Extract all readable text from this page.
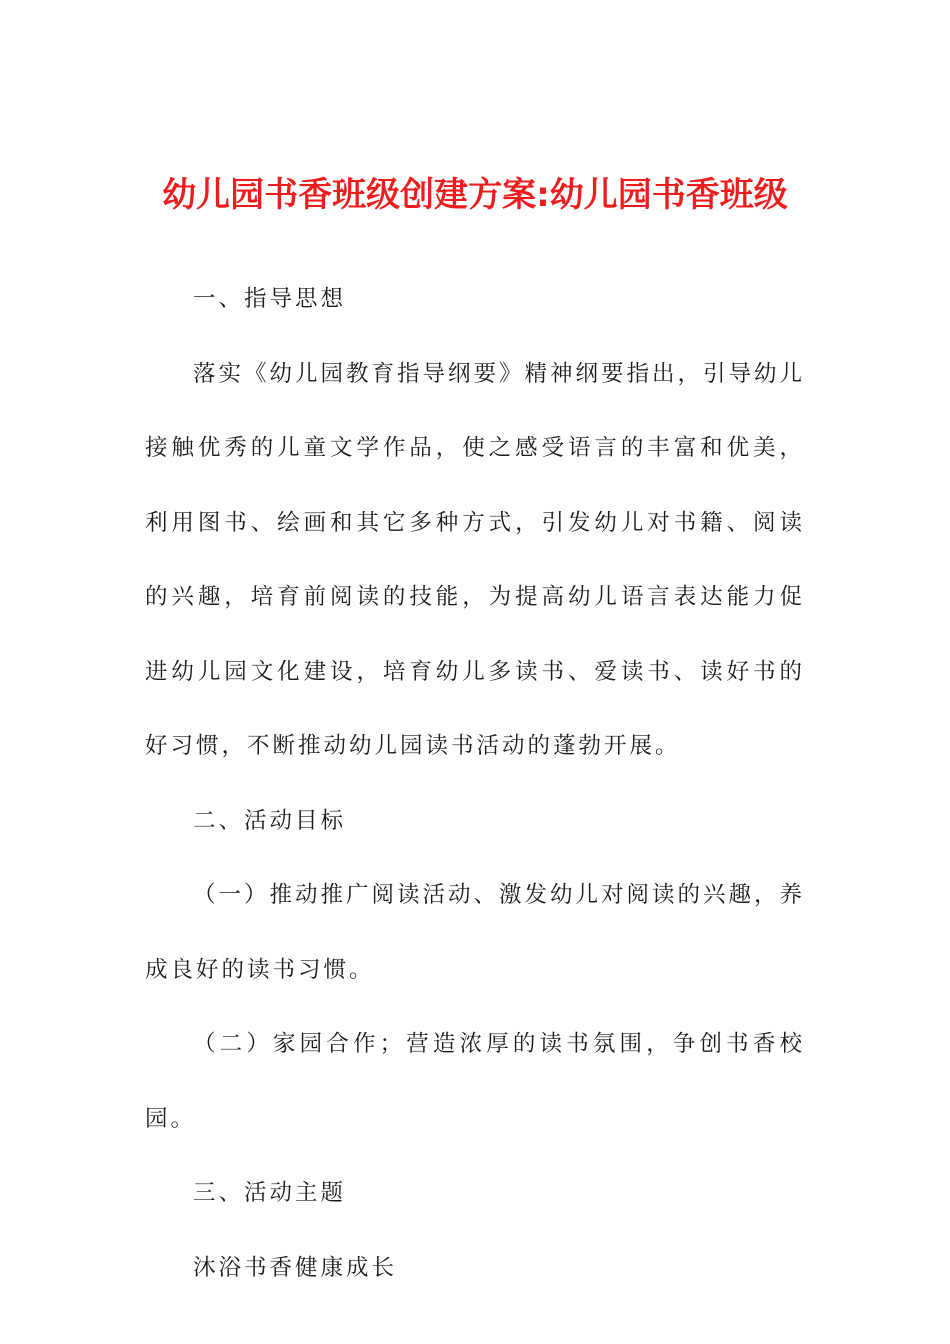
幼儿园书香班级创建方案:幼儿园书香班级

一、指导思想

落实《幼儿园教育指导纲要》精神纲要指出，引导幼儿接触优秀的儿童文学作品，使之感受语言的丰富和优美，利用图书、绘画和其它多种方式，引发幼儿对书籍、阅读的兴趣，培育前阅读的技能，为提高幼儿语言表达能力促进幼儿园文化建设，培育幼儿多读书、爱读书、读好书的好习惯，不断推动幼儿园读书活动的蓬勃开展。

二、活动目标

（一）推动推广阅读活动、激发幼儿对阅读的兴趣，养成良好的读书习惯。

（二）家园合作；营造浓厚的读书氛围，争创书香校园。

三、活动主题

沐浴书香健康成长
